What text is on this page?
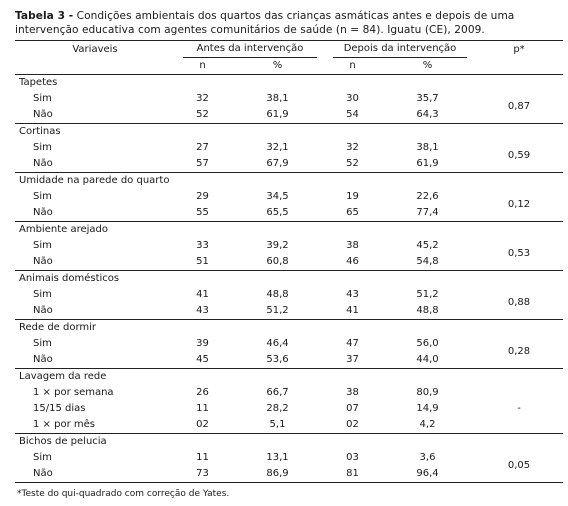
Tabela 3 - Condições ambientais dos quartos das crianças asmáticas antes e depois de uma intervenção educativa com agentes comunitários de saúde (n = 84). Iguatu (CE), 2009.
Variaveis	Antes da intervenção		Depois da intervenção		p*
	n	%	n	%	
Tapetes					
Sim	32	38,1	30	35,7	0,87
Não	52	61,9	54	64,3	
Cortinas					
Sim	27	32,1	32	38,1	0,59
Não	57	67,9	52	61,9	
Umidade na parede do quarto					
Sim	29	34,5	19	22,6	0,12
Não	55	65,5	65	77,4	
Ambiente arejado					
Sim	33	39,2	38	45,2	0,53
Não	51	60,8	46	54,8	
Animais domésticos					
Sim	41	48,8	43	51,2	0,88
Não	43	51,2	41	48,8	
Rede de dormir					
Sim	39	46,4	47	56,0	0,28
Não	45	53,6	37	44,0	
Lavagem da rede					
1 × por semana	26	66,7	38	80,9	
15/15 dias	11	28,2	07	14,9	-
1 × por mês	02	5,1	02	4,2	
Bichos de pelucia					
Sim	11	13,1	03	3,6	0,05
Não	73	86,9	81	96,4	
*Teste do qui-quadrado com correção de Yates.
